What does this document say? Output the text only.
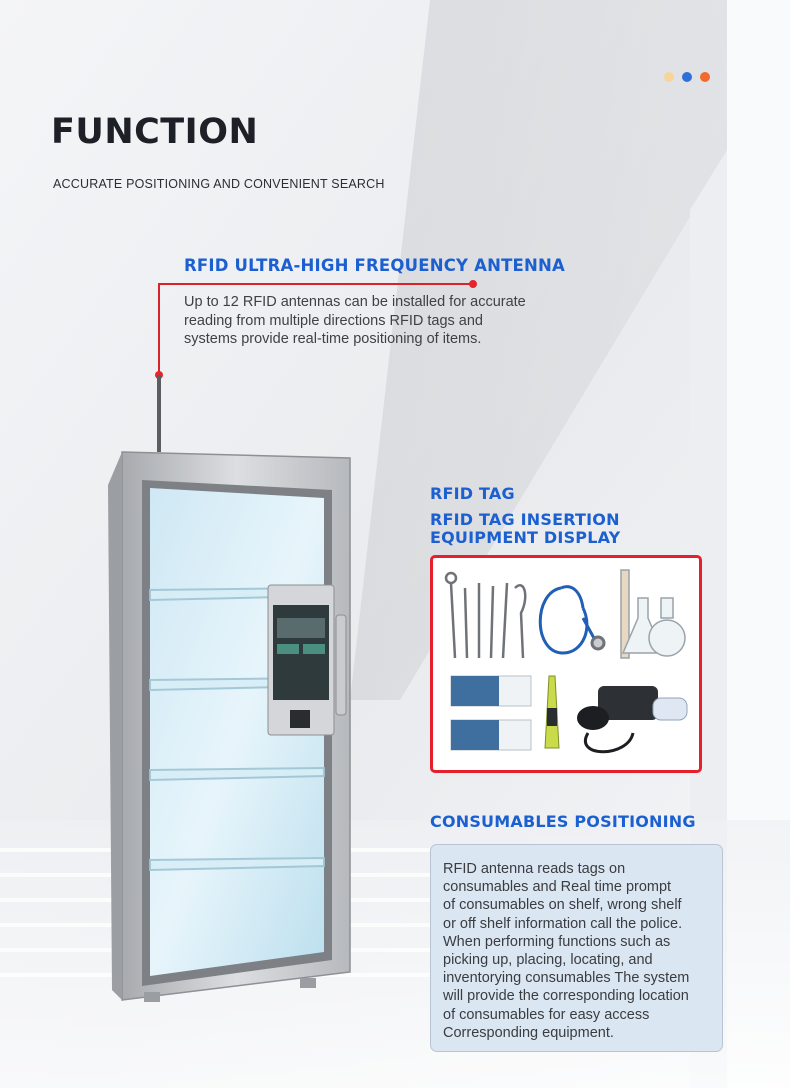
FUNCTION
ACCURATE POSITIONING AND CONVENIENT SEARCH
RFID ULTRA-HIGH FREQUENCY ANTENNA
Up to 12 RFID antennas can be installed for accurate
reading from multiple directions RFID tags and
systems provide real-time positioning of items.
RFID TAG
RFID TAG INSERTION
EQUIPMENT DISPLAY
CONSUMABLES POSITIONING
RFID antenna reads tags on
consumables and Real time prompt
of consumables on shelf, wrong shelf
or off shelf information call the police.
When performing functions such as
picking up, placing, locating, and
inventorying consumables The system
will provide the corresponding location
of consumables for easy access
Corresponding equipment.
